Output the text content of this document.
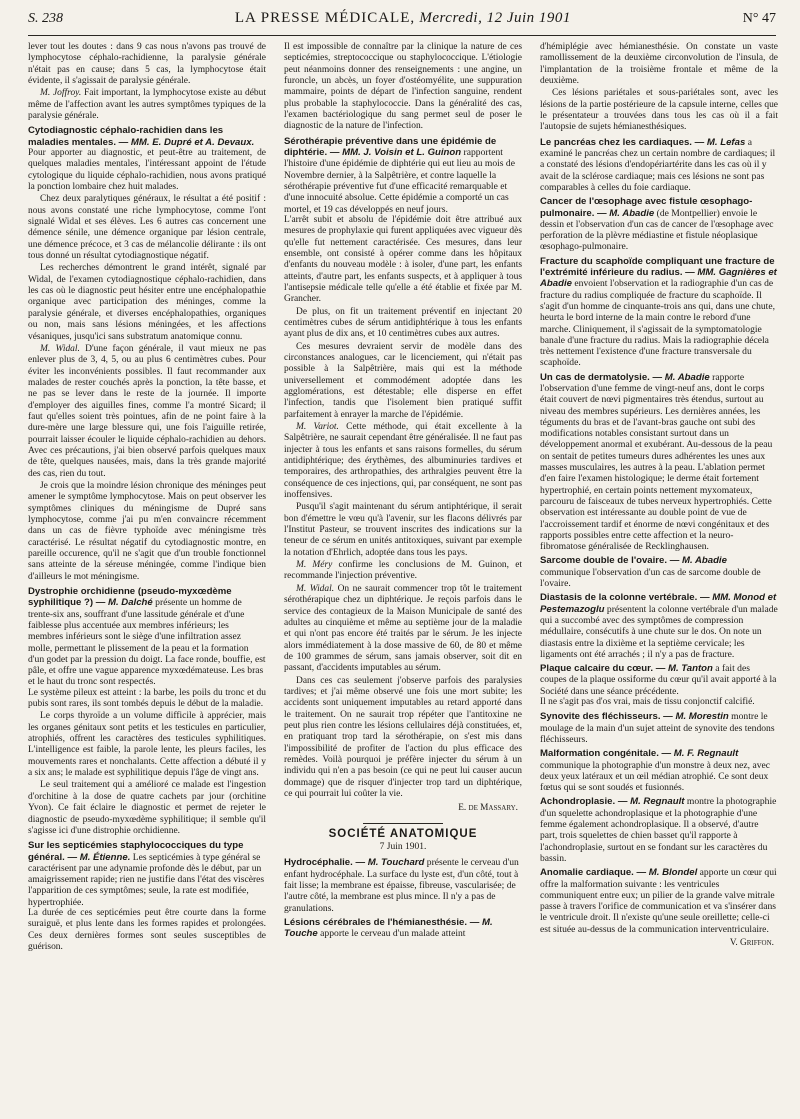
S. 238	LA PRESSE MÉDICALE, Mercredi, 12 Juin 1901	N° 47

lever tout les doutes : dans 9 cas nous n'avons pas trouvé de lymphocytose céphalo-rachidienne, la paralysie générale n'était pas en cause; dans 5 cas, la lymphocytose était évidente, il s'agissait de paralysie générale.

M. Joffroy. Fait important, la lymphocytose existe au début même de l'affection avant les autres symptômes typiques de la paralysie générale.

Cytodiagnostic céphalo-rachidien dans les maladies mentales. — MM. E. Dupré et A. Devaux.

Pour apporter au diagnostic, et peut-être au traitement, de quelques maladies mentales, l'intéressant appoint de l'étude cytologique du liquide céphalo-rachidien, nous avons pratiqué la ponction lombaire chez huit malades.

Chez deux paralytiques généraux, le résultat a été positif : nous avons constaté une riche lymphocytose, comme l'ont signalé Widal et ses élèves. Les 6 autres cas concernent une démence sénile, une démence organique par lésion centrale, une démence précoce, et 3 cas de mélancolie délirante : ils ont tous donné un résultat cytodiagnostique négatif.

Les recherches démontrent le grand intérêt, signalé par Widal, de l'examen cytodiagnostique céphalo-rachidien, dans les cas où le diagnostic peut hésiter entre une encéphalopathie organique avec participation des méninges, comme la paralysie générale, et diverses encéphalopathies, organiques ou non, mais sans lésions méningées, et les affections vésaniques, jusqu'ici sans substratum anatomique connu.

M. Widal. D'une façon générale, il vaut mieux ne pas enlever plus de 3, 4, 5, ou au plus 6 centimètres cubes. Pour éviter les inconvénients possibles. Il faut recommander aux malades de rester couchés après la ponction, la tête basse, et ne pas se lever dans le reste de la journée. Il importe d'employer des aiguilles fines, comme l'a montré Sicard; il faut qu'elles soient très pointues, afin de ne point faire à la dure-mère une large blessure qui, une fois l'aiguille retirée, pourrait laisser écouler le liquide céphalo-rachidien au dehors. Avec ces précautions, j'ai bien observé parfois quelques maux de tête, quelques nausées, mais, dans la très grande majorité des cas, rien du tout.

Je crois que la moindre lésion chronique des méninges peut amener le symptôme lymphocytose. Mais on peut observer les symptômes cliniques du méningisme de Dupré sans lymphocytose, comme j'ai pu m'en convaincre récemment dans un cas de fièvre typhoïde avec méningisme très caractérisé. Le résultat négatif du cytodiagnostic montre, en pareille occurence, qu'il ne s'agit que d'un trouble fonctionnel sans atteinte de la séreuse méningée, comme l'indique bien d'ailleurs le mot méningisme.

Dystrophie orchidienne (pseudo-myxœdème syphilitique ?) — M. Dalché présente un homme de trente-six ans, souffrant d'une lassitude générale et d'une faiblesse plus accentuée aux membres inférieurs; les membres inférieurs sont le siège d'une infiltration assez molle, permettant le plissement de la peau et la formation d'un godet par la pression du doigt. La face ronde, bouffie, est pâle, et offre une vague apparence myxœdémateuse. Les bras et le haut du tronc sont respectés.

Le système pileux est atteint : la barbe, les poils du tronc et du pubis sont rares, ils sont tombés depuis le début de la maladie.

Le corps thyroïde a un volume difficile à apprécier, mais les organes génitaux sont petits et les testicules en particulier, atrophiés, offrent les caractères des testicules syphilitiques. L'intelligence est faible, la parole lente, les pleurs faciles, les mouvements rares et nonchalants. Cette affection a débuté il y a six ans; le malade est syphilitique depuis l'âge de vingt ans.

Le seul traitement qui a amélioré ce malade est l'ingestion d'orchitine à la dose de quatre cachets par jour (orchitine Yvon). Ce fait éclaire le diagnostic et permet de rejeter le diagnostic de pseudo-myxœdème syphilitique; il semble qu'il s'agisse ici d'une distrophie orchidienne.

Sur les septicémies staphylococciques du type général. — M. Étienne. Les septicémies à type général se caractérisent par une adynamie profonde dès le début, par un amaigrissement rapide; rien ne justifie dans l'état des viscères l'apparition de ces symptômes; seule, la rate est modifiée, hypertrophiée.

La durée de ces septicémies peut être courte dans la forme suraiguë, et plus lente dans les formes rapides et prolongées. Ces deux dernières formes sont seules susceptibles de guérison.

Il est impossible de connaître par la clinique la nature de ces septicémies, streptococcique ou staphylococcique. L'étiologie peut néanmoins donner des renseignements : une angine, un furoncle, un abcès, un foyer d'ostéomyélite, une suppuration mammaire, points de départ de l'infection sanguine, rendent plus probable la staphylococcie. Dans la généralité des cas, l'examen bactériologique du sang permet seul de poser le diagnostic de la nature de l'infection.

Sérothérapie préventive dans une épidémie de diphtérie. — MM. J. Voisin et L. Guinon rapportent l'histoire d'une épidémie de diphtérie qui eut lieu au mois de Novembre dernier, à la Salpêtrière, et contre laquelle la sérothérapie préventive fut d'une efficacité remarquable et d'une innocuité absolue. Cette épidémie a comporté un cas mortel, et 19 cas développés en neuf jours.

L'arrêt subit et absolu de l'épidémie doit être attribué aux mesures de prophylaxie qui furent appliquées avec vigueur dès qu'elle fut nettement caractérisée. Ces mesures, dans leur ensemble, ont consisté à opérer comme dans les hôpitaux d'enfants du nouveau modèle : à isoler, d'une part, les enfants atteints, d'autre part, les enfants suspects, et à appliquer à tous l'antisepsie médicale telle qu'elle a été établie et fixée par M. Grancher.

De plus, on fit un traitement préventif en injectant 20 centimètres cubes de sérum antidiphtérique à tous les enfants ayant plus de dix ans, et 10 centimètres cubes aux autres.

Ces mesures devraient servir de modèle dans des circonstances analogues, car le licenciement, qui n'était pas possible à la Salpêtrière, mais qui est la méthode universellement et commodément adoptée dans les agglomérations, est détestable; elle disperse en effet l'infection, tandis que l'isolement bien pratiqué suffit parfaitement à enrayer la marche de l'épidémie.

M. Variot. Cette méthode, qui était excellente à la Salpêtrière, ne saurait cependant être généralisée. Il ne faut pas injecter à tous les enfants et sans raisons formelles, du sérum antidiphtérique; des érythèmes, des albuminuries tardives et temporaires, des arthropathies, des arthralgies peuvent être la conséquence de ces injections, qui, par conséquent, ne sont pas inoffensives.

Pusqu'il s'agit maintenant du sérum antiphtérique, il serait bon d'émettre le vœu qu'à l'avenir, sur les flacons délivrés par l'Institut Pasteur, se trouvent inscrites des indications sur la teneur de ce sérum en unités antitoxiques, suivant par exemple la notation d'Ehrlich, adoptée dans tous les pays.

M. Méry confirme les conclusions de M. Guinon, et recommande l'injection préventive.

M. Widal. On ne saurait commencer trop tôt le traitement sérothérapique chez un diphtérique. Je reçois parfois dans le service des contagieux de la Maison Municipale de santé des adultes au cinquième et même au septième jour de la maladie et qui n'ont pas encore été traités par le sérum. Je les injecte alors immédiatement à la dose massive de 60, de 80 et même de 100 grammes de sérum, sans jamais observer, soit dit en passant, d'accidents imputables au sérum.

Dans ces cas seulement j'observe parfois des paralysies tardives; et j'ai même observé une fois une mort subite; les accidents sont uniquement imputables au retard apporté dans le traitement. On ne saurait trop répéter que l'antitoxine ne peut plus rien contre les lésions cellulaires déjà constituées, et, en pratiquant trop tard la sérothérapie, on s'est mis dans l'impossibilité de profiter de l'action du plus efficace des remèdes. Voilà pourquoi je préfère injecter du sérum à un individu qui n'en a pas besoin (ce qui ne peut lui causer aucun dommage) que de risquer d'injecter trop tard un diphtérique, ce qui pourrait lui coûter la vie.

E. de Massary.
SOCIÉTÉ ANATOMIQUE
7 Juin 1901.
Hydrocéphalie. — M. Touchard présente le cerveau d'un enfant hydrocéphale. La surface du lyste est, d'un côté, tout à fait lisse; la membrane est épaisse, fibreuse, vascularisée; de l'autre côté, la membrane est plus mince. Il n'y a pas de granulations.
Lésions cérébrales de l'hémianesthésie. — M. Touche apporte le cerveau d'un malade atteint

d'hémiplégie avec hémianesthésie. On constate un vaste ramollissement de la deuxième circonvolution de l'insula, de l'implantation de la troisième frontale et même de la deuxième.

Ces lésions pariétales et sous-pariétales sont, avec les lésions de la partie postérieure de la capsule interne, celles que le présentateur a trouvées dans tous les cas où il a fait l'autopsie de sujets hémianesthésiques.

Le pancréas chez les cardiaques. — M. Lefas a examiné le pancréas chez un certain nombre de cardiaques; il a constaté des lésions d'endopériartérite dans les cas où il y avait de la sclérose cardiaque; mais ces lésions ne sont pas comparables à celles du foie cardiaque.
Cancer de l'œsophage avec fistule œsophago-pulmonaire. — M. Abadie (de Montpellier) envoie le dessin et l'observation d'un cas de cancer de l'œsophage avec perforation de la plèvre médiastine et fistule néoplasique œsophago-pulmonaire.
Fracture du scaphoïde compliquant une fracture de l'extrémité inférieure du radius. — MM. Gagnières et Abadie envoient l'observation et la radiographie d'un cas de fracture du radius compliquée de fracture du scaphoïde. Il s'agit d'un homme de cinquante-trois ans qui, dans une chute, heurta le bord interne de la main contre le rebord d'une marche. Cliniquement, il s'agissait de la symptomatologie banale d'une fracture du radius. Mais la radiographie décela très nettement l'existence d'une fracture transversale du scaphoïde.
Un cas de dermatolysie. — M. Abadie rapporte l'observation d'une femme de vingt-neuf ans, dont le corps était couvert de nœvi pigmentaires très étendus, surtout au niveau des membres supérieurs. Les dernières années, les téguments du bras et de l'avant-bras gauche ont subi des modifications notables consistant surtout dans un développement anormal et exubérant. Au-dessous de la peau on sentait de petites tumeurs dures adhérentes les unes aux masses musculaires, les autres à la peau. L'ablation permet d'en faire l'examen histologique; le derme était fortement hypertrophié, en certain points nettement myxomateux, parcouru de faisceaux de tubes nerveux hypertrophiés. Cette observation est intéressante au double point de vue de l'accroissement tardif et énorme de nœvi congénitaux et des rapports possibles entre cette affection et la neuro-fibromatose généralisée de Recklinghausen.
Sarcome double de l'ovaire. — M. Abadie communique l'observation d'un cas de sarcome double de l'ovaire.
Diastasis de la colonne vertébrale. — MM. Monod et Pestemazoglu présentent la colonne vertébrale d'un malade qui a succombé avec des symptômes de compression médullaire, consécutifs à une chute sur le dos. On note un diastasis entre la dixième et la septième cervicale; les ligaments ont été arrachés ; il n'y a pas de fracture.
Plaque calcaire du cœur. — M. Tanton a fait des coupes de la plaque ossiforme du cœur qu'il avait apporté à la Société dans une séance précédente.

Il ne s'agit pas d'os vrai, mais de tissu conjonctif calcifié.

Synovite des fléchisseurs. — M. Morestin montre le moulage de la main d'un sujet atteint de synovite des tendons fléchisseurs.
Malformation congénitale. — M. F. Regnault communique la photographie d'un monstre à deux nez, avec deux yeux latéraux et un œil médian atrophié. Ce sont deux fœtus qui se sont soudés et fusionnés.
Achondroplasie. — M. Regnault montre la photographie d'un squelette achondroplasique et la photographie d'une femme également achondroplasique. Il a observé, d'autre part, trois squelettes de chien basset qu'il rapporte à l'achondroplasie, surtout en se fondant sur les caractères du bassin.
Anomalie cardiaque. — M. Blondel apporte un cœur qui offre la malformation suivante : les ventricules communiquent entre eux; un pilier de la grande valve mitrale passe à travers l'orifice de communication et va s'insérer dans le ventricule droit. Il n'existe qu'une seule oreillette; celle-ci est située au-dessus de la communication interventriculaire.
V. Griffon.
